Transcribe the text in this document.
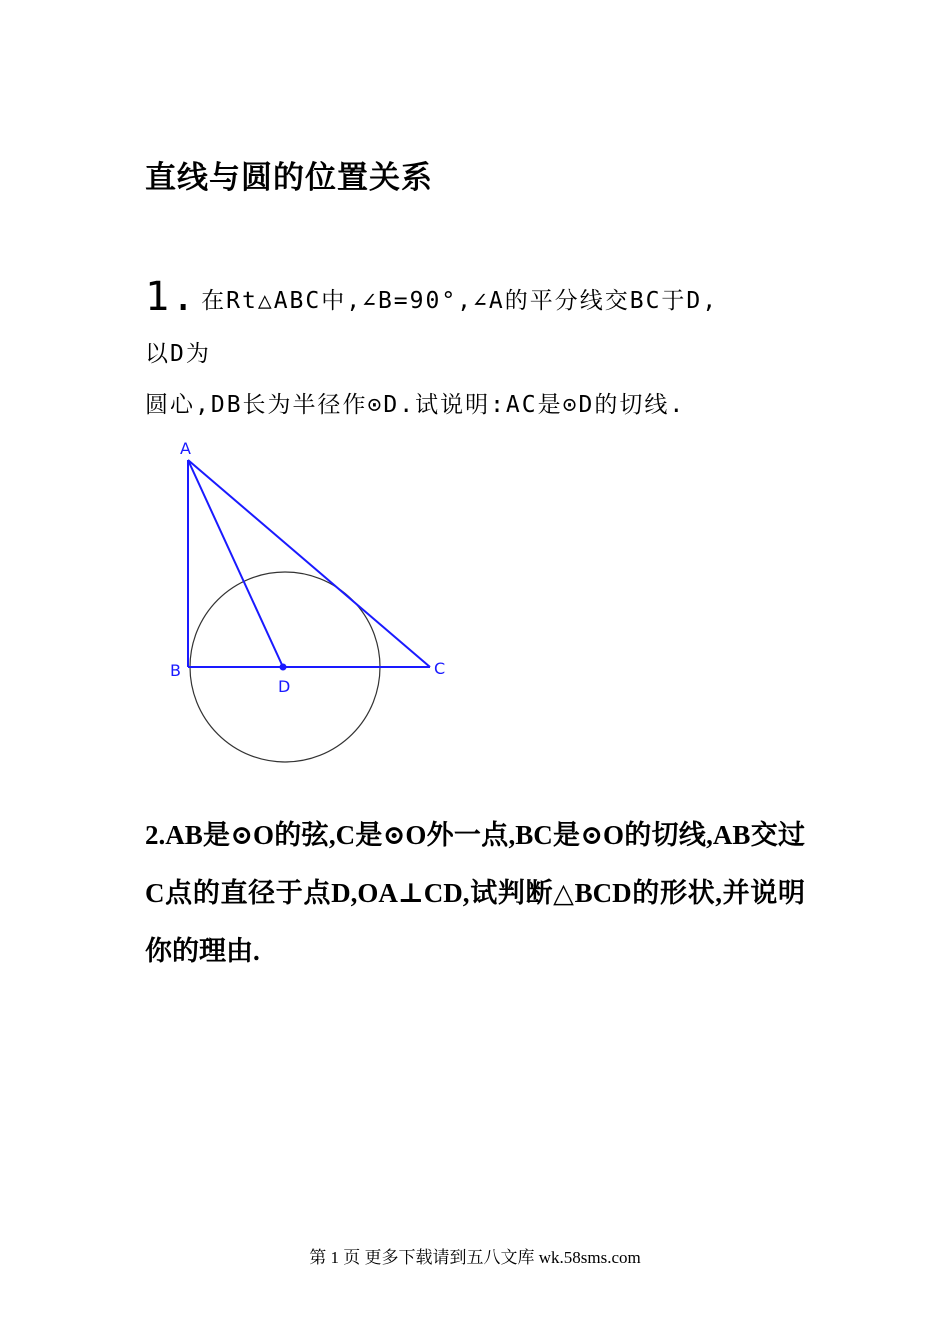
直线与圆的位置关系
1. 在Rt△ABC中,∠B=90°,∠A的平分线交BC于D,
以D为
圆心,DB长为半径作⊙D.试说明:AC是⊙D的切线.
A
B	C
D
2.AB是⊙O的弦,C是⊙O外一点,BC是⊙O的切线,AB交过C点的直径于点D,OA⊥CD,试判断△BCD的形状,并说明你的理由.
第 1 页 更多下载请到五八文库 wk.58sms.com
